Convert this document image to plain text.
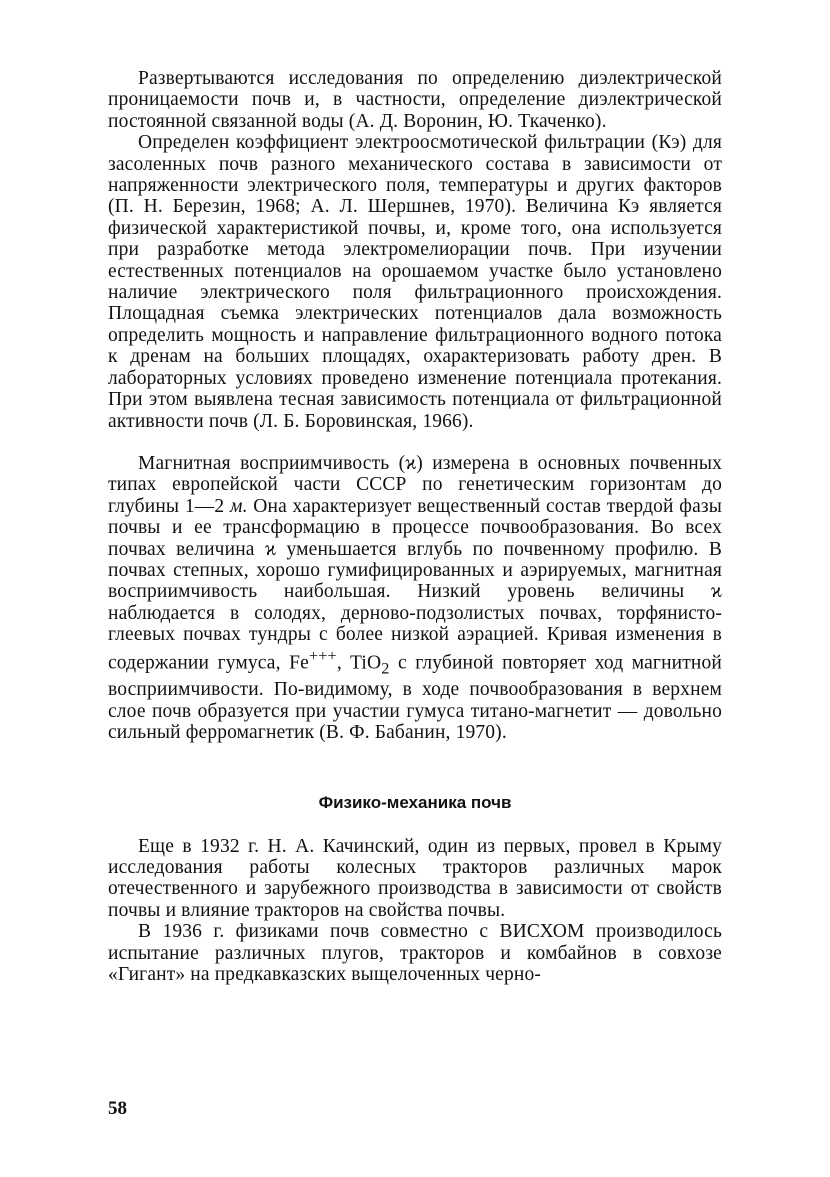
Развертываются исследования по определению диэлектрической проницаемости почв и, в частности, определение диэлектрической постоянной связанной воды (А. Д. Воронин, Ю. Ткаченко).

Определен коэффициент электроосмотической фильтрации (Кэ) для засоленных почв разного механического состава в зависимости от напряженности электрического поля, температуры и других факторов (П. Н. Березин, 1968; А. Л. Шершнев, 1970). Величина Кэ является физической характеристикой почвы, и, кроме того, она используется при разработке метода электромелиорации почв. При изучении естественных потенциалов на орошаемом участке было установлено наличие электрического поля фильтрационного происхождения. Площадная съемка электрических потенциалов дала возможность определить мощность и направление фильтрационного водного потока к дренам на больших площадях, охарактеризовать работу дрен. В лабораторных условиях проведено изменение потенциала протекания. При этом выявлена тесная зависимость потенциала от фильтрационной активности почв (Л. Б. Боровинская, 1966).

Магнитная восприимчивость (ϰ) измерена в основных почвенных типах европейской части СССР по генетическим горизонтам до глубины 1—2 м. Она характеризует вещественный состав твердой фазы почвы и ее трансформацию в процессе почвообразования. Во всех почвах величина ϰ уменьшается вглубь по почвенному профилю. В почвах степных, хорошо гумифицированных и аэрируемых, магнитная восприимчивость наибольшая. Низкий уровень величины ϰ наблюдается в солодях, дерново-подзолистых почвах, торфянисто-глеевых почвах тундры с более низкой аэрацией. Кривая изменения в содержании гумуса, Fe+++, TiO$_2$ с глубиной повторяет ход магнитной восприимчивости. По-видимому, в ходе почвообразования в верхнем слое почв образуется при участии гумуса титано-магнетит — довольно сильный ферромагнетик (В. Ф. Бабанин, 1970).

Физико-механика почв

Еще в 1932 г. Н. А. Качинский, один из первых, провел в Крыму исследования работы колесных тракторов различных марок отечественного и зарубежного производства в зависимости от свойств почвы и влияние тракторов на свойства почвы.

В 1936 г. физиками почв совместно с ВИСХОМ производилось испытание различных плугов, тракторов и комбайнов в совхозе «Гигант» на предкавказских выщелоченных черно-

58
